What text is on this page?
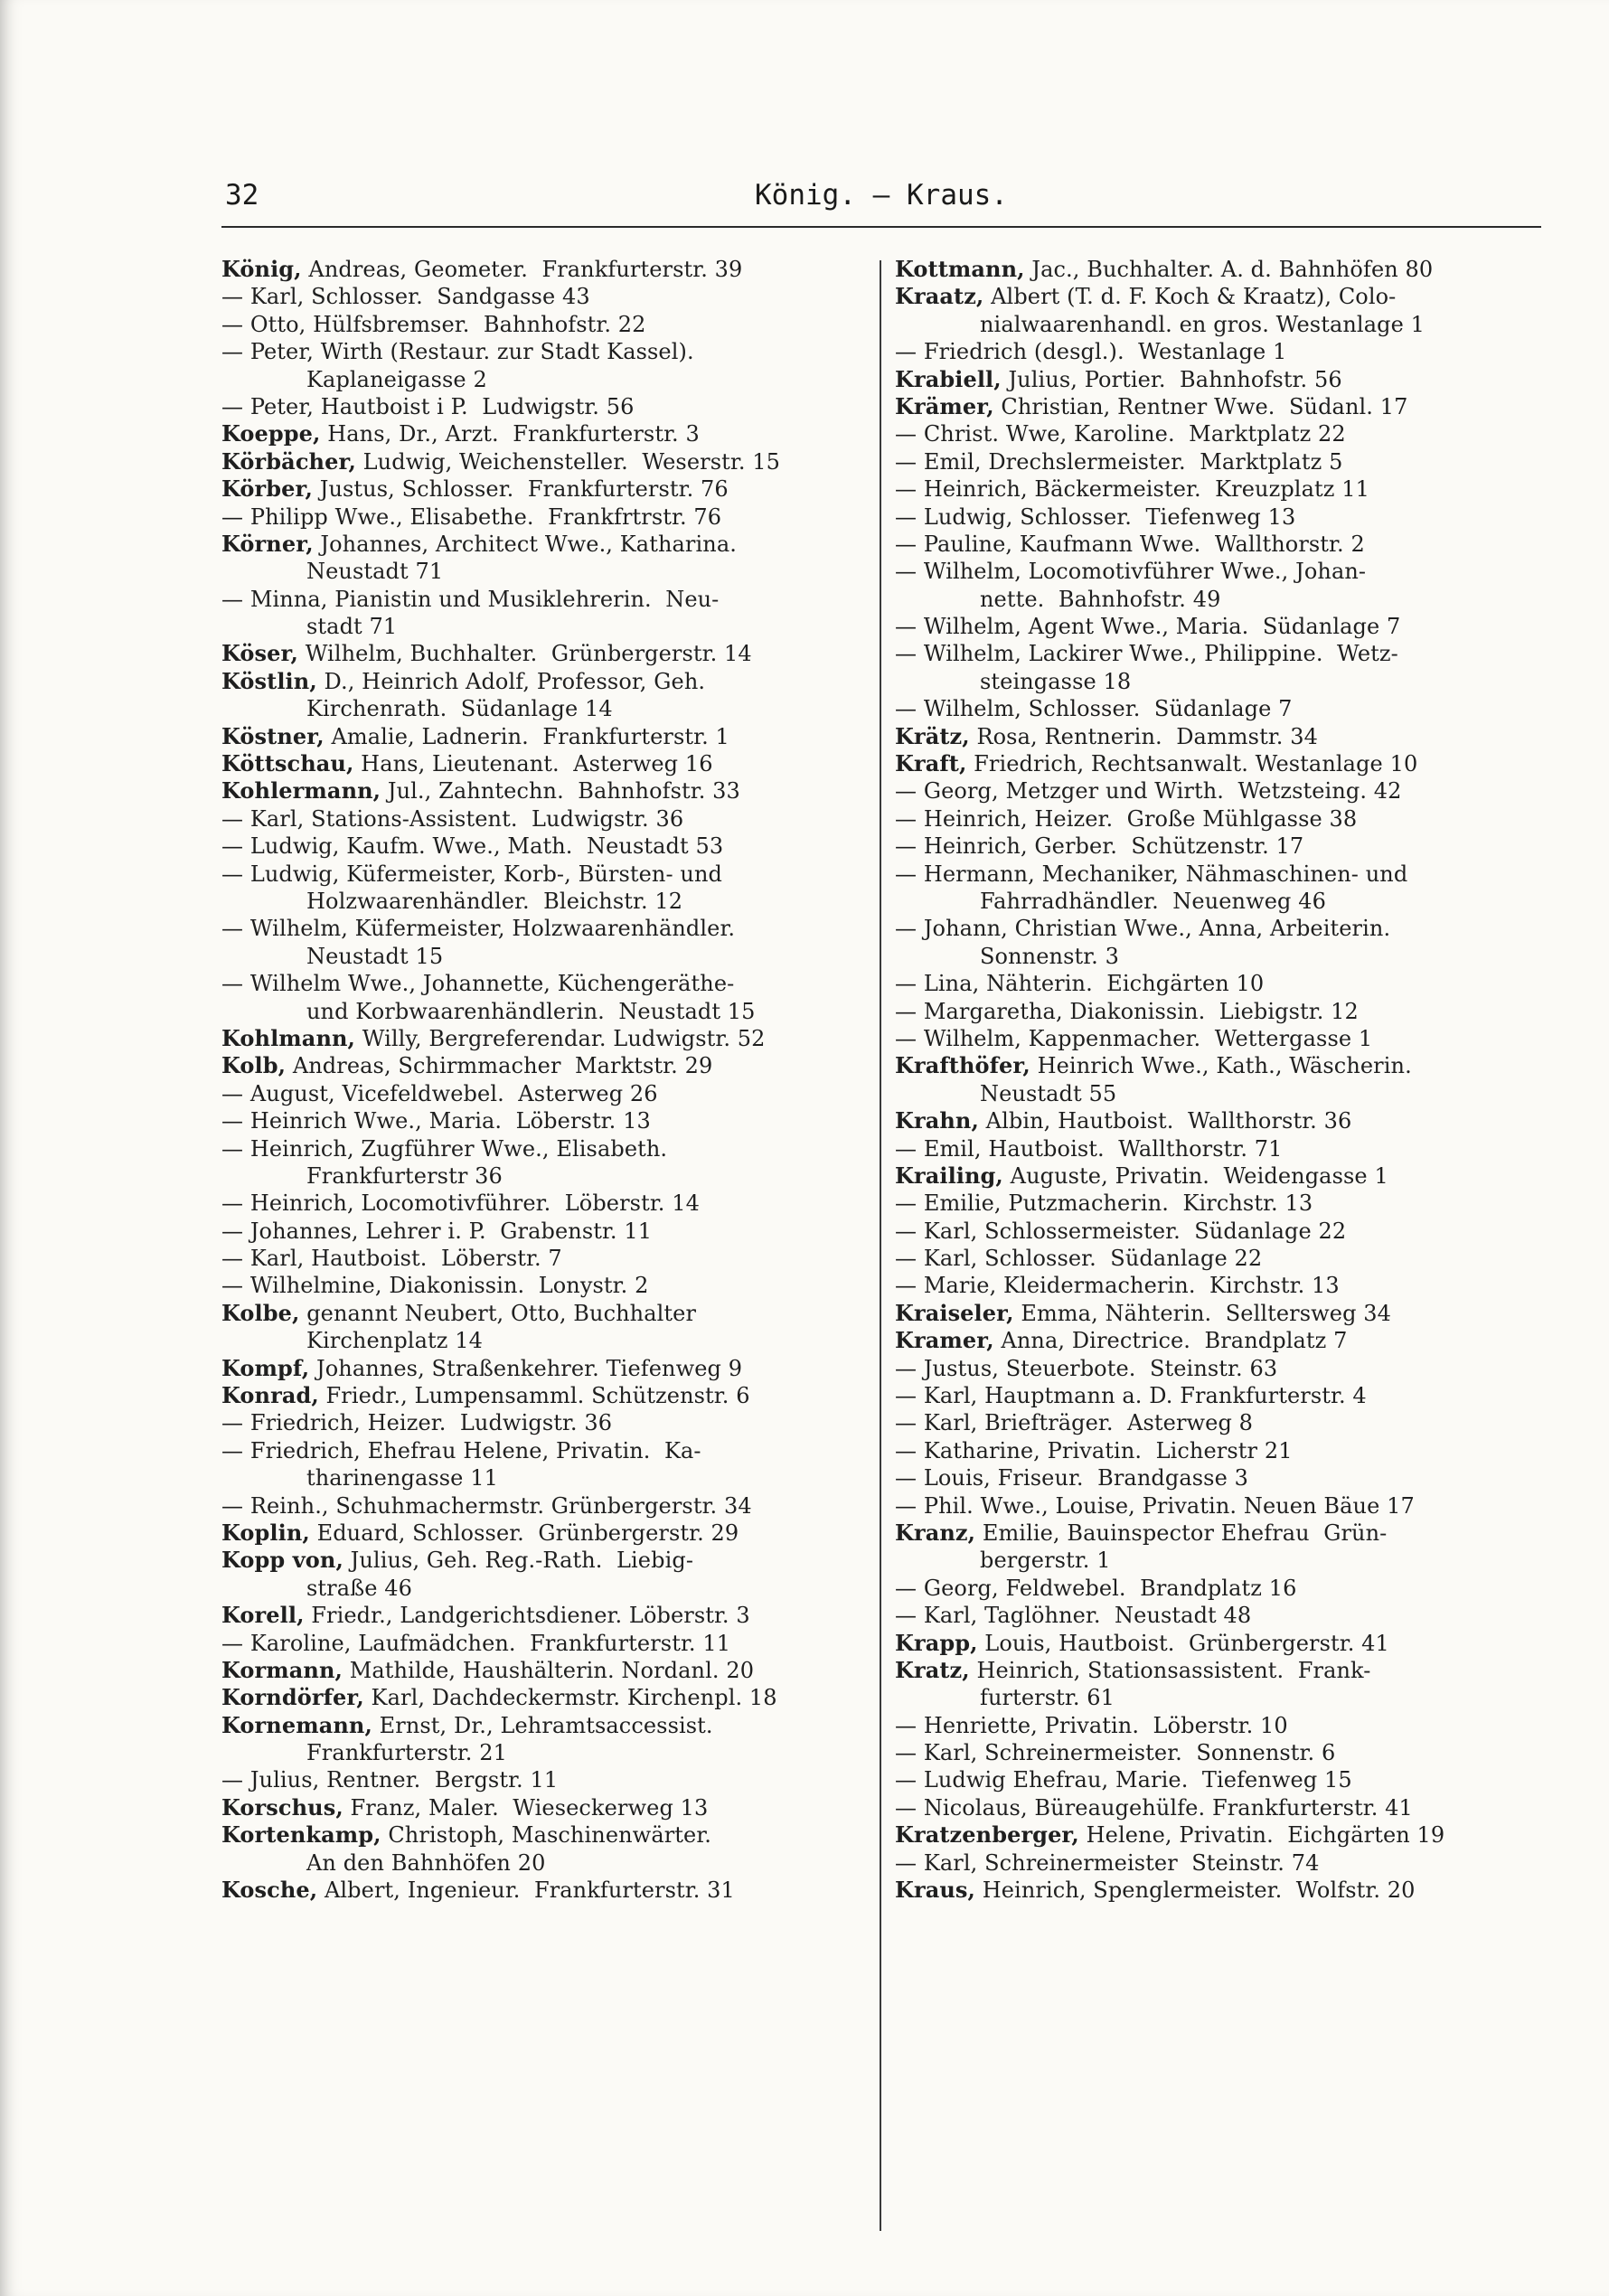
32	König. — Kraus.
König, Andreas, Geometer.  Frankfurterstr. 39
— Karl, Schlosser.  Sandgasse 43
— Otto, Hülfsbremser.  Bahnhofstr. 22
— Peter, Wirth (Restaur. zur Stadt Kassel).
Kaplaneigasse 2
— Peter, Hautboist i P.  Ludwigstr. 56
Koeppe, Hans, Dr., Arzt.  Frankfurterstr. 3
Körbächer, Ludwig, Weichensteller.  Weserstr. 15
Körber, Justus, Schlosser.  Frankfurterstr. 76
— Philipp Wwe., Elisabethe.  Frankfrtrstr. 76
Körner, Johannes, Architect Wwe., Katharina.
Neustadt 71
— Minna, Pianistin und Musiklehrerin.  Neu-
stadt 71
Köser, Wilhelm, Buchhalter.  Grünbergerstr. 14
Köstlin, D., Heinrich Adolf, Professor, Geh.
Kirchenrath.  Südanlage 14
Köstner, Amalie, Ladnerin.  Frankfurterstr. 1
Köttschau, Hans, Lieutenant.  Asterweg 16
Kohlermann, Jul., Zahntechn.  Bahnhofstr. 33
— Karl, Stations-Assistent.  Ludwigstr. 36
— Ludwig, Kaufm. Wwe., Math.  Neustadt 53
— Ludwig, Küfermeister, Korb-, Bürsten- und
Holzwaarenhändler.  Bleichstr. 12
— Wilhelm, Küfermeister, Holzwaarenhändler.
Neustadt 15
— Wilhelm Wwe., Johannette, Küchengeräthe-
und Korbwaarenhändlerin.  Neustadt 15
Kohlmann, Willy, Bergreferendar. Ludwigstr. 52
Kolb, Andreas, Schirmmacher  Marktstr. 29
— August, Vicefeldwebel.  Asterweg 26
— Heinrich Wwe., Maria.  Löberstr. 13
— Heinrich, Zugführer Wwe., Elisabeth.
Frankfurterstr 36
— Heinrich, Locomotivführer.  Löberstr. 14
— Johannes, Lehrer i. P.  Grabenstr. 11
— Karl, Hautboist.  Löberstr. 7
— Wilhelmine, Diakonissin.  Lonystr. 2
Kolbe, genannt Neubert, Otto, Buchhalter
Kirchenplatz 14
Kompf, Johannes, Straßenkehrer. Tiefenweg 9
Konrad, Friedr., Lumpensamml. Schützenstr. 6
— Friedrich, Heizer.  Ludwigstr. 36
— Friedrich, Ehefrau Helene, Privatin.  Ka-
tharinengasse 11
— Reinh., Schuhmachermstr. Grünbergerstr. 34
Koplin, Eduard, Schlosser.  Grünbergerstr. 29
Kopp von, Julius, Geh. Reg.-Rath.  Liebig-
straße 46
Korell, Friedr., Landgerichtsdiener. Löberstr. 3
— Karoline, Laufmädchen.  Frankfurterstr. 11
Kormann, Mathilde, Haushälterin. Nordanl. 20
Korndörfer, Karl, Dachdeckermstr. Kirchenpl. 18
Kornemann, Ernst, Dr., Lehramtsaccessist.
Frankfurterstr. 21
— Julius, Rentner.  Bergstr. 11
Korschus, Franz, Maler.  Wieseckerweg 13
Kortenkamp, Christoph, Maschinenwärter.
An den Bahnhöfen 20
Kosche, Albert, Ingenieur.  Frankfurterstr. 31
Kottmann, Jac., Buchhalter. A. d. Bahnhöfen 80
Kraatz, Albert (T. d. F. Koch & Kraatz), Colo-
nialwaarenhandl. en gros. Westanlage 1
— Friedrich (desgl.).  Westanlage 1
Krabiell, Julius, Portier.  Bahnhofstr. 56
Krämer, Christian, Rentner Wwe.  Südanl. 17
— Christ. Wwe, Karoline.  Marktplatz 22
— Emil, Drechslermeister.  Marktplatz 5
— Heinrich, Bäckermeister.  Kreuzplatz 11
— Ludwig, Schlosser.  Tiefenweg 13
— Pauline, Kaufmann Wwe.  Wallthorstr. 2
— Wilhelm, Locomotivführer Wwe., Johan-
nette.  Bahnhofstr. 49
— Wilhelm, Agent Wwe., Maria.  Südanlage 7
— Wilhelm, Lackirer Wwe., Philippine.  Wetz-
steingasse 18
— Wilhelm, Schlosser.  Südanlage 7
Krätz, Rosa, Rentnerin.  Dammstr. 34
Kraft, Friedrich, Rechtsanwalt. Westanlage 10
— Georg, Metzger und Wirth.  Wetzsteing. 42
— Heinrich, Heizer.  Große Mühlgasse 38
— Heinrich, Gerber.  Schützenstr. 17
— Hermann, Mechaniker, Nähmaschinen- und
Fahrradhändler.  Neuenweg 46
— Johann, Christian Wwe., Anna, Arbeiterin.
Sonnenstr. 3
— Lina, Nähterin.  Eichgärten 10
— Margaretha, Diakonissin.  Liebigstr. 12
— Wilhelm, Kappenmacher.  Wettergasse 1
Krafthöfer, Heinrich Wwe., Kath., Wäscherin.
Neustadt 55
Krahn, Albin, Hautboist.  Wallthorstr. 36
— Emil, Hautboist.  Wallthorstr. 71
Krailing, Auguste, Privatin.  Weidengasse 1
— Emilie, Putzmacherin.  Kirchstr. 13
— Karl, Schlossermeister.  Südanlage 22
— Karl, Schlosser.  Südanlage 22
— Marie, Kleidermacherin.  Kirchstr. 13
Kraiseler, Emma, Nähterin.  Selltersweg 34
Kramer, Anna, Directrice.  Brandplatz 7
— Justus, Steuerbote.  Steinstr. 63
— Karl, Hauptmann a. D. Frankfurterstr. 4
— Karl, Briefträger.  Asterweg 8
— Katharine, Privatin.  Licherstr 21
— Louis, Friseur.  Brandgasse 3
— Phil. Wwe., Louise, Privatin. Neuen Bäue 17
Kranz, Emilie, Bauinspector Ehefrau  Grün-
bergerstr. 1
— Georg, Feldwebel.  Brandplatz 16
— Karl, Taglöhner.  Neustadt 48
Krapp, Louis, Hautboist.  Grünbergerstr. 41
Kratz, Heinrich, Stationsassistent.  Frank-
furterstr. 61
— Henriette, Privatin.  Löberstr. 10
— Karl, Schreinermeister.  Sonnenstr. 6
— Ludwig Ehefrau, Marie.  Tiefenweg 15
— Nicolaus, Büreaugehülfe. Frankfurterstr. 41
Kratzenberger, Helene, Privatin.  Eichgärten 19
— Karl, Schreinermeister  Steinstr. 74
Kraus, Heinrich, Spenglermeister.  Wolfstr. 20
